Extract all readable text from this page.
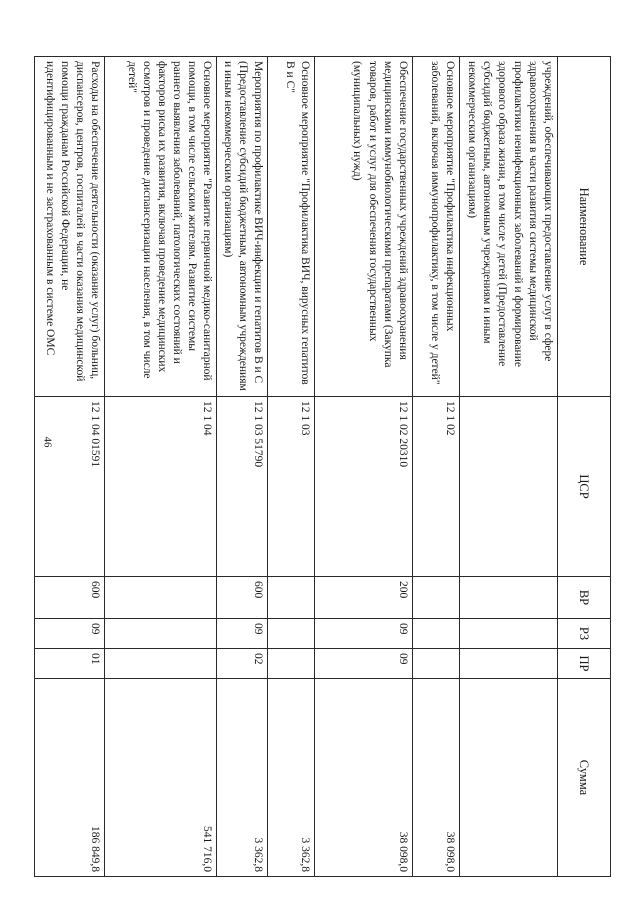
46
Наименование	ЦСР	ВР	РЗ	ПР	Сумма
учреждений, обеспечивающих предоставление услуг в сфере здравоохранения в части развития системы медицинской профилактики неинфекционных заболеваний и формирование здорового образа жизни, в том числе у детей (Предоставление субсидий бюджетным, автономным учреждениям и иным некоммерческим организациям)					
Основное мероприятие "Профилактика инфекционных заболеваний, включая иммунопрофилактику, в том числе у детей"	12 1 02				38 098,0
Обеспечение государственных учреждений здравоохранения медицинскими иммунобиологическими препаратами (Закупка товаров, работ и услуг для обеспечения государственных (муниципальных) нужд)	12 1 02 20310	200	09	09	38 098,0
Основное мероприятие "Профилактика ВИЧ, вирусных гепатитов В и С"	12 1 03				3 362,8
Мероприятия по профилактике ВИЧ-инфекции и гепатитов В и С (Предоставление субсидий бюджетным, автономным учреждениям и иным некоммерческим организациям)	12 1 03 51790	600	09	02	3 362,8
Основное мероприятие "Развитие первичной медико-санитарной помощи, в том числе сельским жителям. Развитие системы раннего выявления заболеваний, патологических состояний и факторов риска их развития, включая проведение медицинских осмотров и проведение диспансеризации населения, в том числе детей"	12 1 04				541 716,0
Расходы на обеспечение деятельности (оказание услуг) больниц, диспансеров, центров, госпиталей в части оказания медицинской помощи гражданам Российской Федерации, не идентифицированным и не застрахованным в системе ОМС	12 1 04 01591	600	09	01	186 849,8
